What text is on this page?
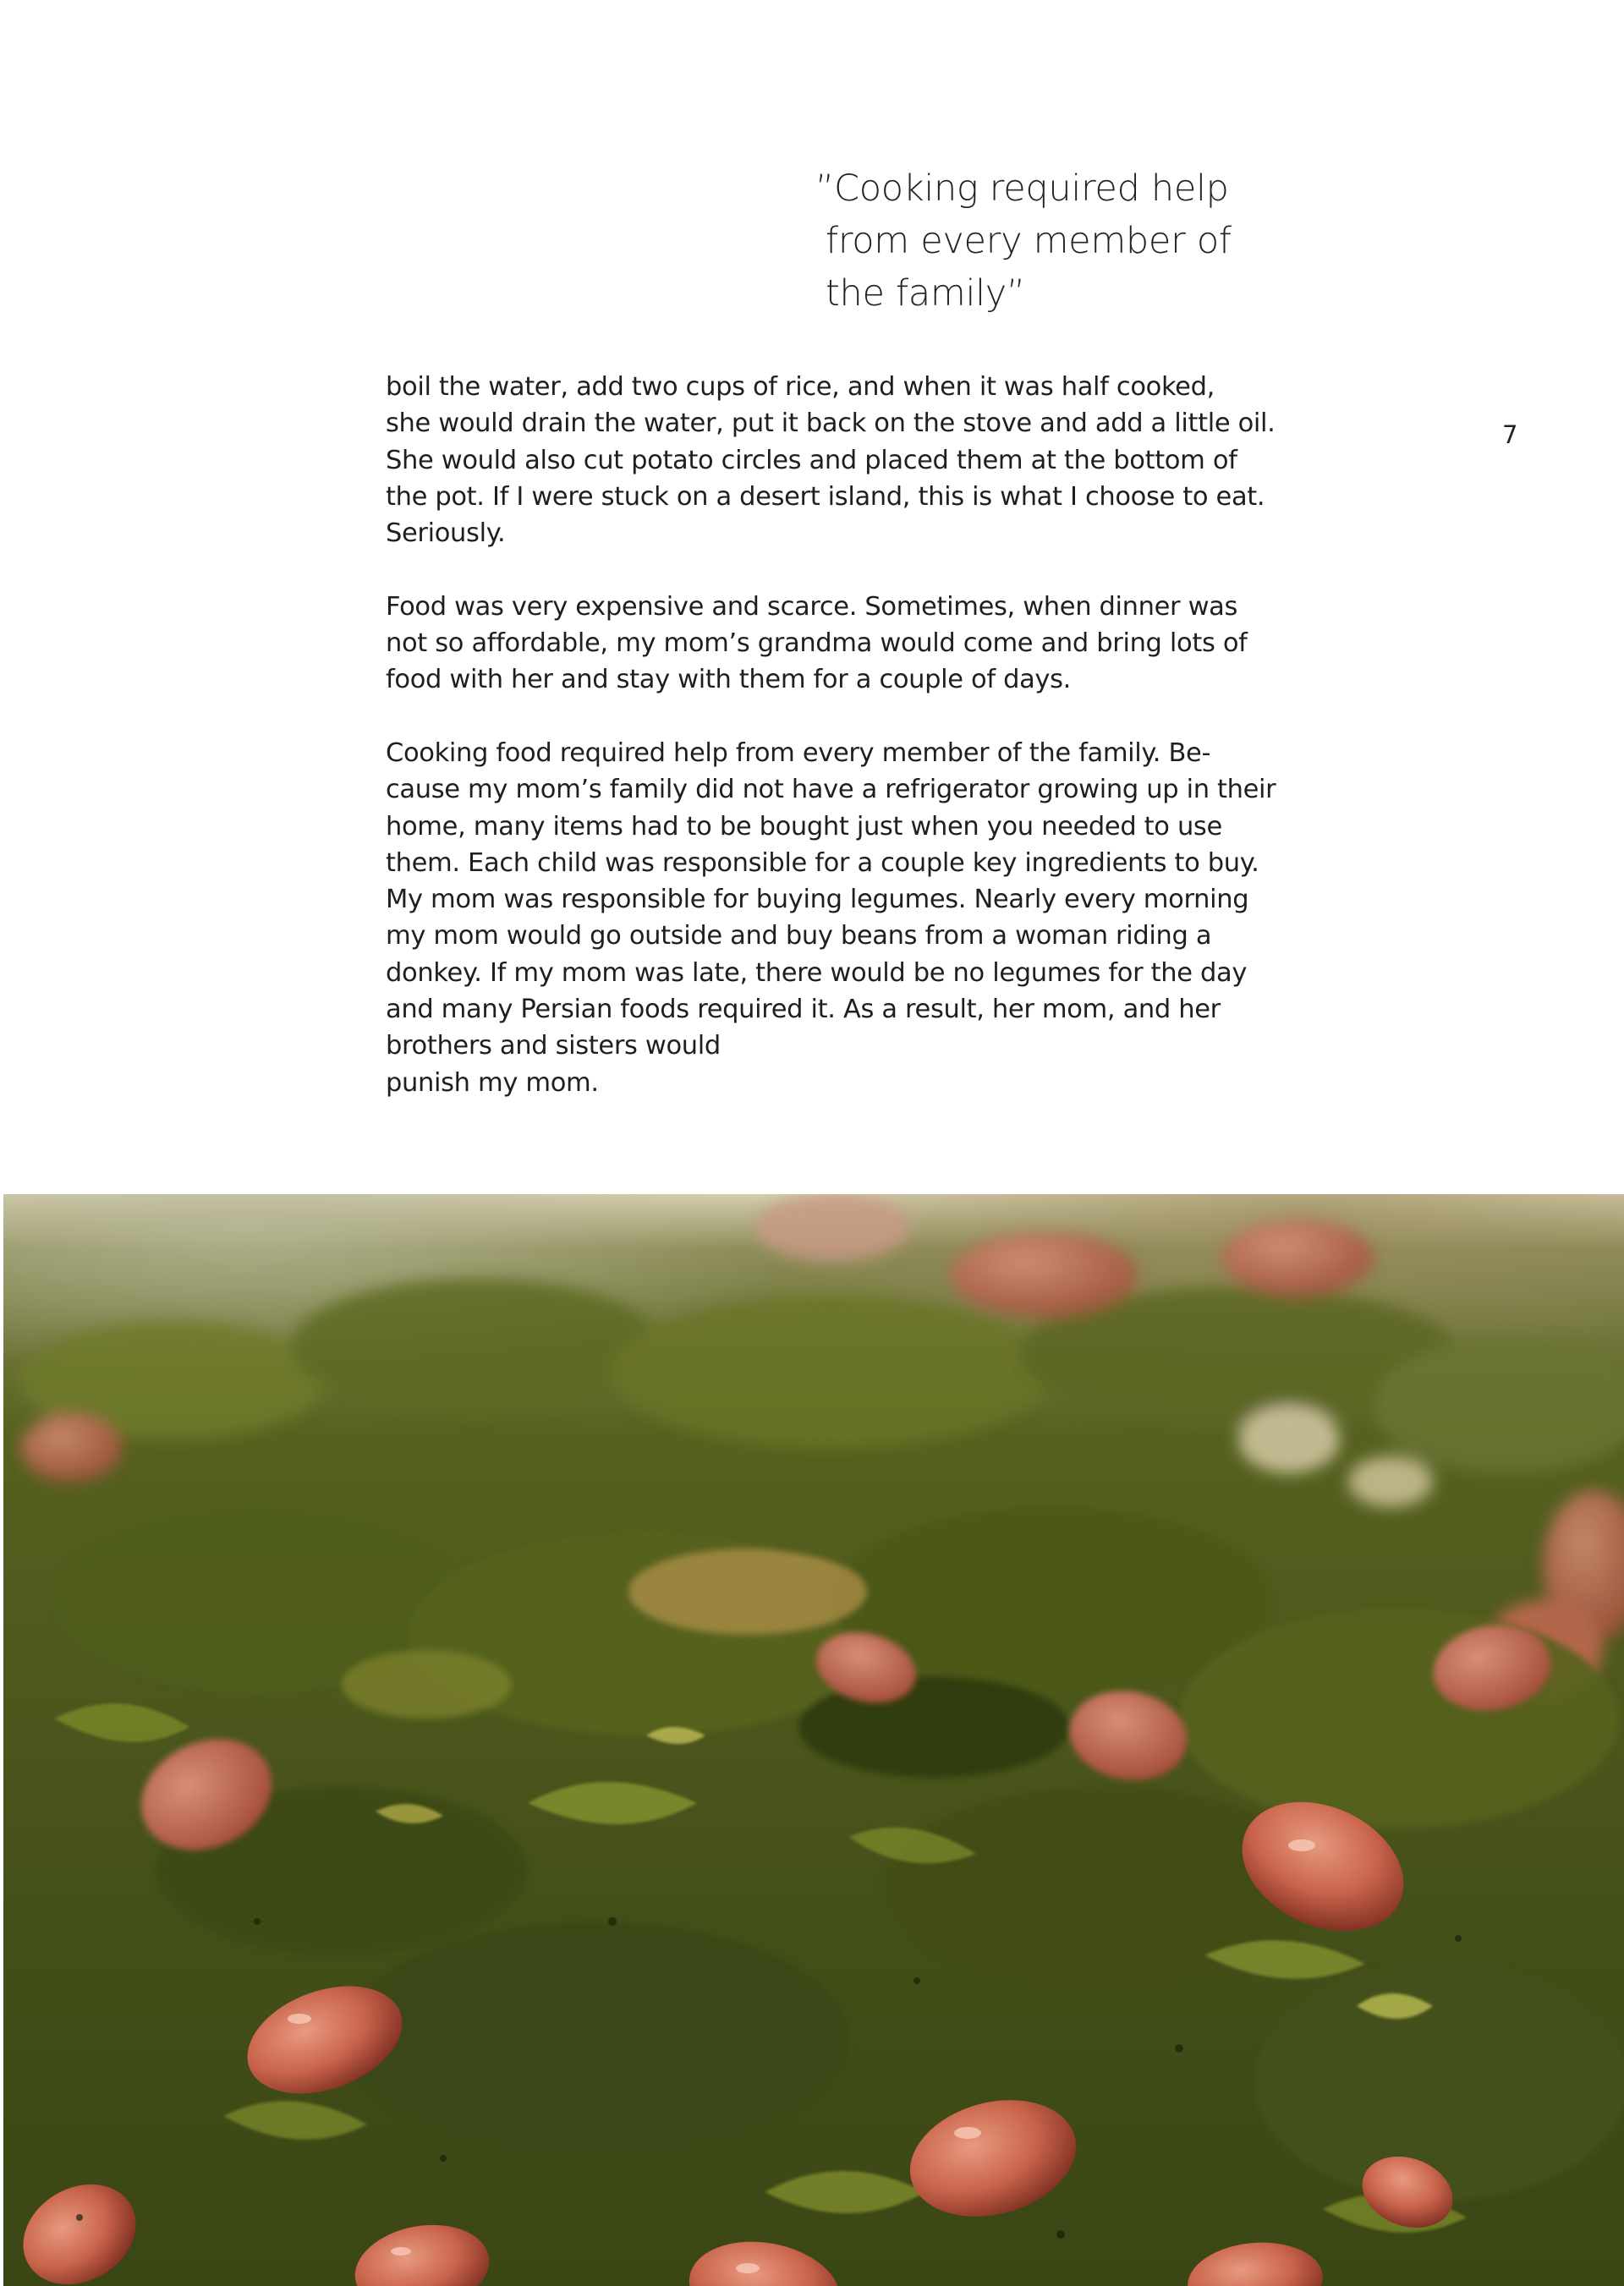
”Cooking required help
from every member of
the family”
7

boil the water, add two cups of rice, and when it was half cooked,
she would drain the water, put it back on the stove and add a little oil.
She would also cut potato circles and placed them at the bottom of
the pot. If I were stuck on a desert island, this is what I choose to eat.
Seriously.

Food was very expensive and scarce. Sometimes, when dinner was
not so affordable, my mom’s grandma would come and bring lots of
food with her and stay with them for a couple of days.

Cooking food required help from every member of the family. Be-
cause my mom’s family did not have a refrigerator growing up in their
home, many items had to be bought just when you needed to use
them. Each child was responsible for a couple key ingredients to buy.
My mom was responsible for buying legumes. Nearly every morning
my mom would go outside and buy beans from a woman riding a
donkey. If my mom was late, there would be no legumes for the day
and many Persian foods required it. As a result, her mom, and her
brothers and sisters would
punish my mom.
